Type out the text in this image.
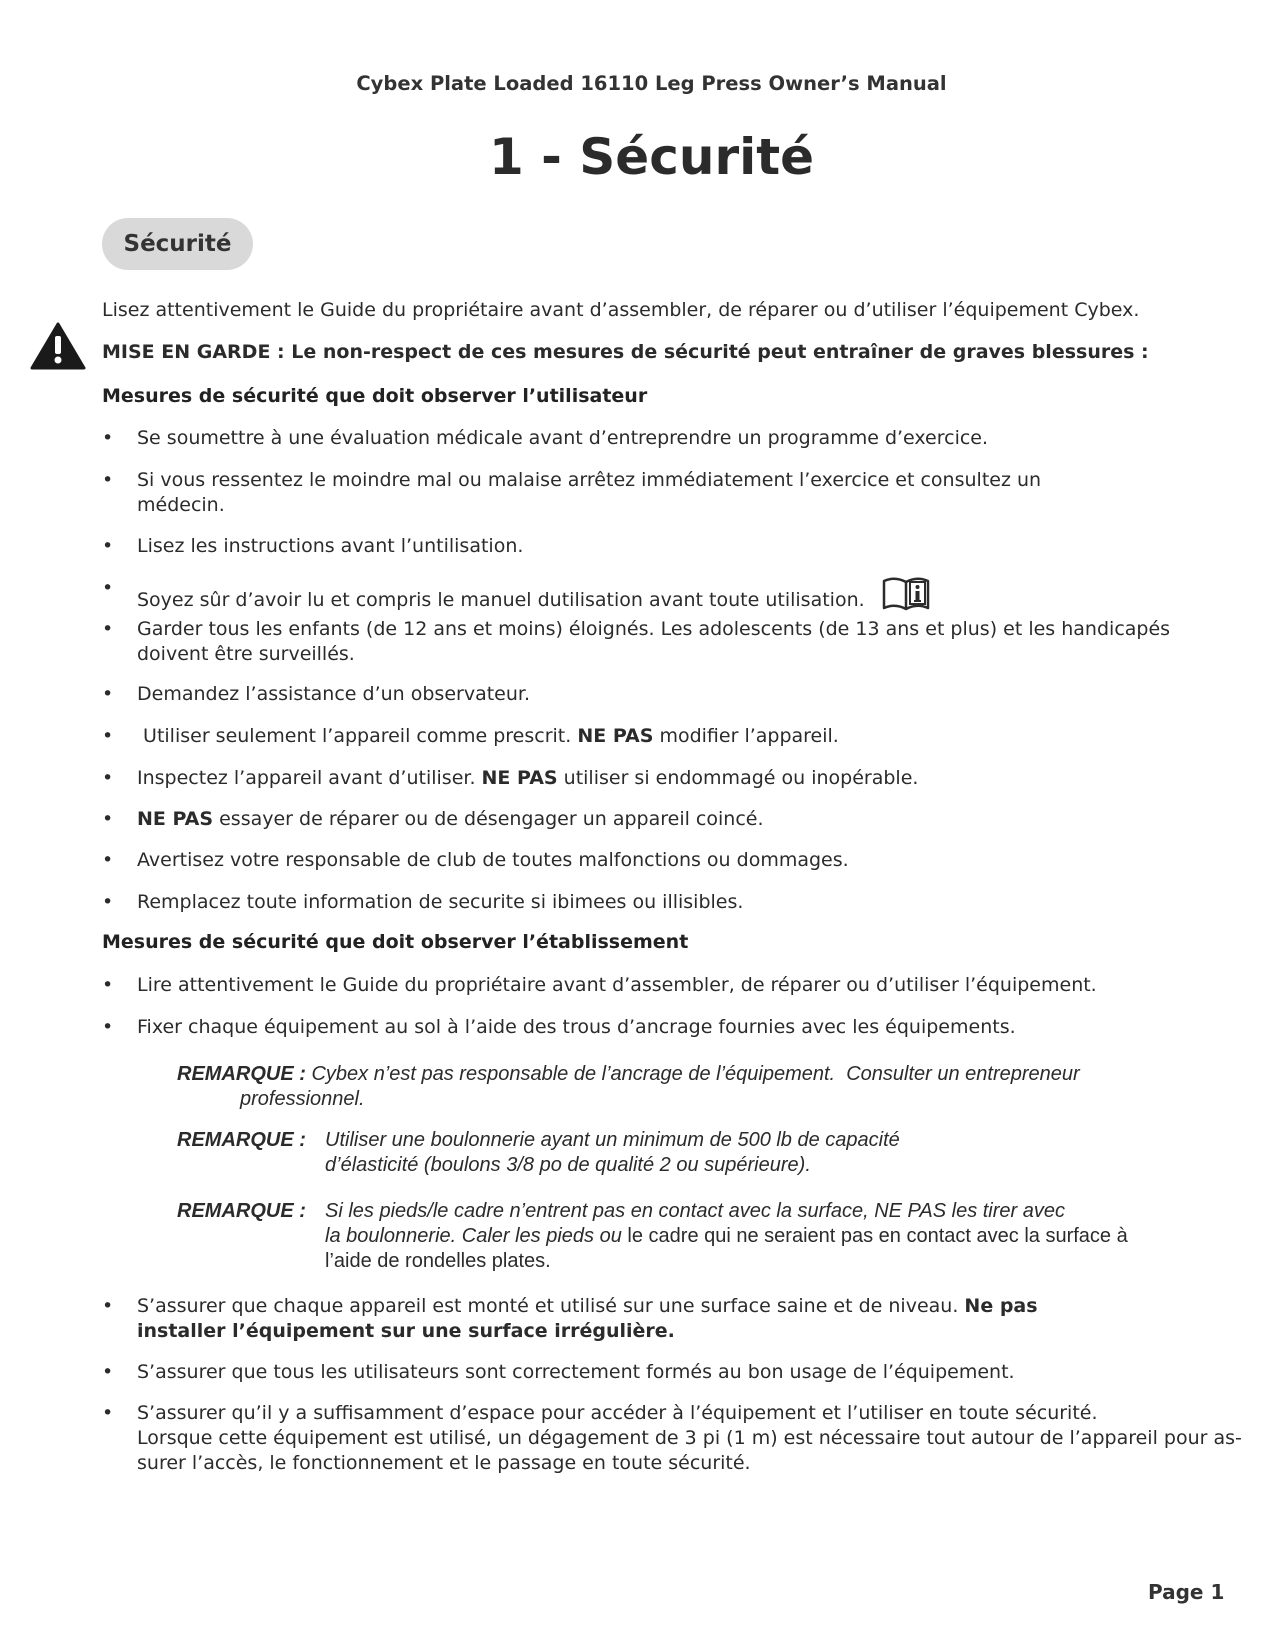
Cybex Plate Loaded 16110 Leg Press Owner’s Manual
1 - Sécurité
Sécurité
Lisez attentivement le Guide du propriétaire avant d’assembler, de réparer ou d’utiliser l’équipement Cybex.
MISE EN GARDE : Le non-respect de ces mesures de sécurité peut entraîner de graves blessures :
Mesures de sécurité que doit observer l’utilisateur
• Se soumettre à une évaluation médicale avant d’entreprendre un programme d’exercice.
• Si vous ressentez le moindre mal ou malaise arrêtez immédiatement l’exercice et consultez un
médecin.
• Lisez les instructions avant l’untilisation.
•
Soyez sûr d’avoir lu et compris le manuel dutilisation avant toute utilisation.
• Garder tous les enfants (de 12 ans et moins) éloignés. Les adolescents (de 13 ans et plus) et les handicapés
doivent être surveillés.
• Demandez l’assistance d’un observateur.
• Utiliser seulement l’appareil comme prescrit. NE PAS modifier l’appareil.
• Inspectez l’appareil avant d’utiliser. NE PAS utiliser si endommagé ou inopérable.
• NE PAS essayer de réparer ou de désengager un appareil coincé.
• Avertisez votre responsable de club de toutes malfonctions ou dommages.
• Remplacez toute information de securite si ibimees ou illisibles.
Mesures de sécurité que doit observer l’établissement
• Lire attentivement le Guide du propriétaire avant d’assembler, de réparer ou d’utiliser l’équipement.
• Fixer chaque équipement au sol à l’aide des trous d’ancrage fournies avec les équipements.
REMARQUE : Cybex n’est pas responsable de l’ancrage de l’équipement.  Consulter un entrepreneur
professionnel.
REMARQUE : Utiliser une boulonnerie ayant un minimum de 500 lb de capacité
d’élasticité (boulons 3/8 po de qualité 2 ou supérieure).
REMARQUE : Si les pieds/le cadre n’entrent pas en contact avec la surface, NE PAS les tirer avec
la boulonnerie. Caler les pieds ou le cadre qui ne seraient pas en contact avec la surface à
l’aide de rondelles plates.
• S’assurer que chaque appareil est monté et utilisé sur une surface saine et de niveau. Ne pas
installer l’équipement sur une surface irrégulière.
• S’assurer que tous les utilisateurs sont correctement formés au bon usage de l’équipement.
• S’assurer qu’il y a suffisamment d’espace pour accéder à l’équipement et l’utiliser en toute sécurité.
Lorsque cette équipement est utilisé, un dégagement de 3 pi (1 m) est nécessaire tout autour de l’appareil pour as-
surer l’accès, le fonctionnement et le passage en toute sécurité.
Page 1
